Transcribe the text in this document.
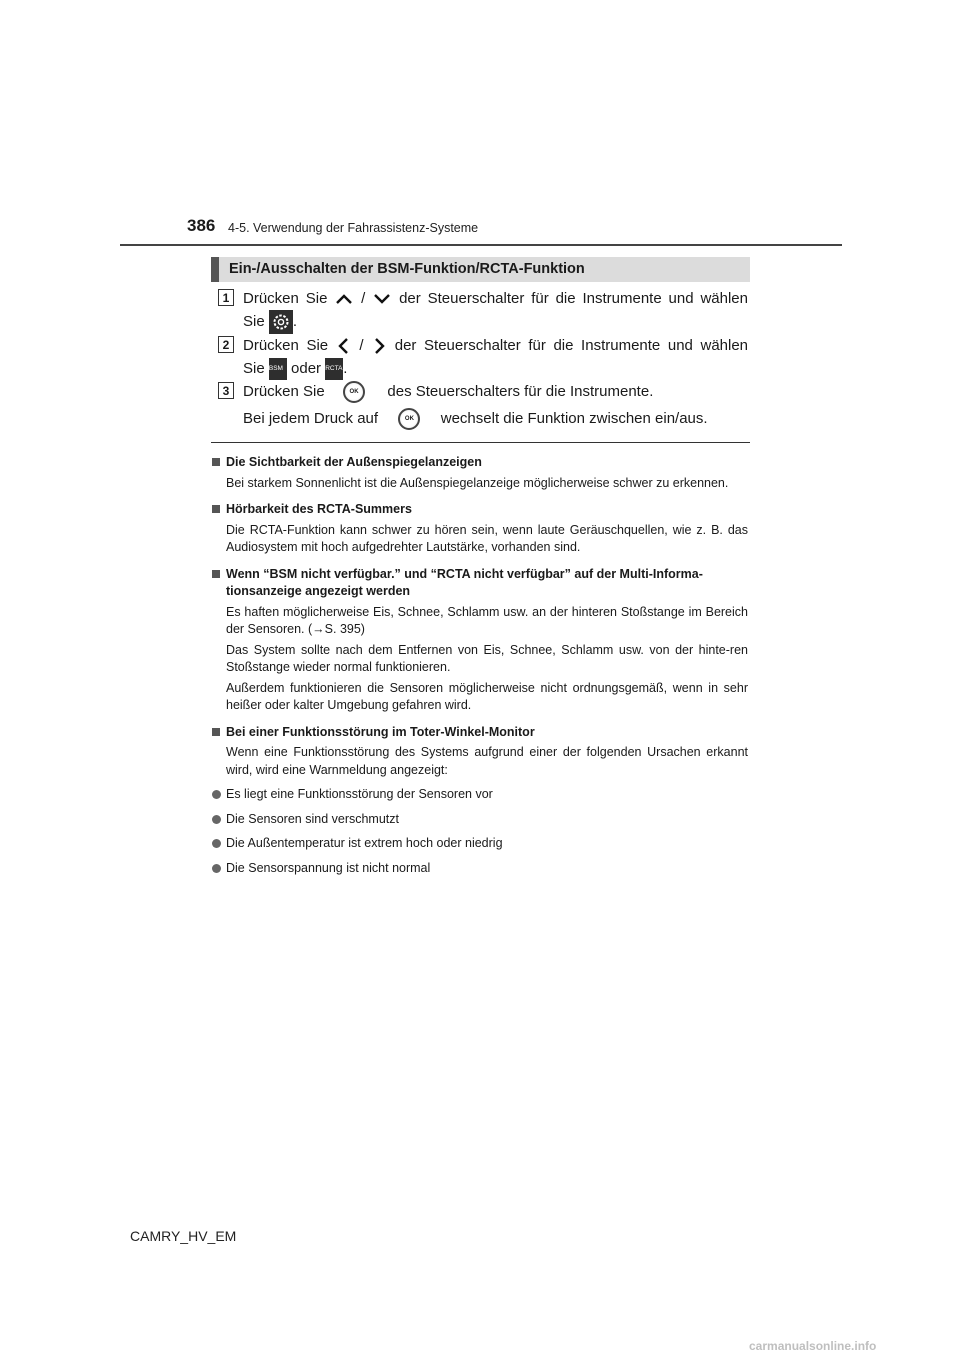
386 4-5. Verwendung der Fahrassistenz-Systeme
Ein-/Ausschalten der BSM-Funktion/RCTA-Funktion
1 Drücken Sie / der Steuerschalter für die Instrumente und wählen
Sie .
2 Drücken Sie / der Steuerschalter für die Instrumente und wählen
Sie BSM oder RCTA.
3 Drücken Sie	OK des Steuerschalters für die Instrumente.
Bei jedem Druck auf	OK wechselt die Funktion zwischen ein/aus.
Die Sichtbarkeit der Außenspiegelanzeigen
Bei starkem Sonnenlicht ist die Außenspiegelanzeige möglicherweise schwer zu erkennen.
Hörbarkeit des RCTA-Summers
Die RCTA-Funktion kann schwer zu hören sein, wenn laute Geräuschquellen, wie z. B. das Audiosystem mit hoch aufgedrehter Lautstärke, vorhanden sind.
Wenn “BSM nicht verfügbar.” und “RCTA nicht verfügbar” auf der Multi-Informa-tionsanzeige angezeigt werden
Es haften möglicherweise Eis, Schnee, Schlamm usw. an der hinteren Stoßstange im Bereich der Sensoren. (→S. 395)
Das System sollte nach dem Entfernen von Eis, Schnee, Schlamm usw. von der hinte-ren Stoßstange wieder normal funktionieren.
Außerdem funktionieren die Sensoren möglicherweise nicht ordnungsgemäß, wenn in sehr heißer oder kalter Umgebung gefahren wird.
Bei einer Funktionsstörung im Toter-Winkel-Monitor
Wenn eine Funktionsstörung des Systems aufgrund einer der folgenden Ursachen erkannt wird, wird eine Warnmeldung angezeigt:
Es liegt eine Funktionsstörung der Sensoren vor
Die Sensoren sind verschmutzt
Die Außentemperatur ist extrem hoch oder niedrig
Die Sensorspannung ist nicht normal
CAMRY_HV_EM
carmanualsonline.info
